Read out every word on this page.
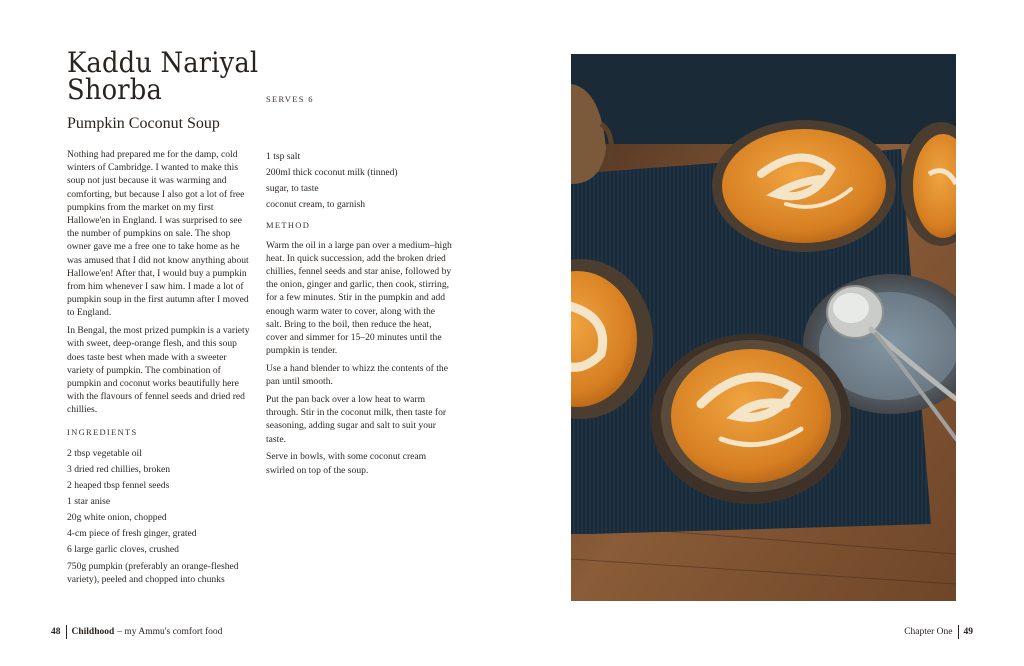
Kaddu Nariyal
Shorba
Pumpkin Coconut Soup
SERVES 6

Nothing had prepared me for the damp, cold winters of Cambridge. I wanted to make this soup not just because it was warming and comforting, but because I also got a lot of free pumpkins from the market on my first Hallowe'en in England. I was surprised to see the number of pumpkins on sale. The shop owner gave me a free one to take home as he was amused that I did not know anything about Hallowe'en! After that, I would buy a pumpkin from him whenever I saw him. I made a lot of pumpkin soup in the first autumn after I moved to England.

In Bengal, the most prized pumpkin is a variety with sweet, deep-orange flesh, and this soup does taste best when made with a sweeter variety of pumpkin. The combination of pumpkin and coconut works beautifully here with the flavours of fennel seeds and dried red chillies.

INGREDIENTS
2 tbsp vegetable oil
3 dried red chillies, broken
2 heaped tbsp fennel seeds
1 star anise
20g white onion, chopped
4-cm piece of fresh ginger, grated
6 large garlic cloves, crushed
750g pumpkin (preferably an orange-fleshed variety), peeled and chopped into chunks
1 tsp salt
200ml thick coconut milk (tinned)
sugar, to taste
coconut cream, to garnish
METHOD

Warm the oil in a large pan over a medium–high heat. In quick succession, add the broken dried chillies, fennel seeds and star anise, followed by the onion, ginger and garlic, then cook, stirring, for a few minutes. Stir in the pumpkin and add enough warm water to cover, along with the salt. Bring to the boil, then reduce the heat, cover and simmer for 15–20 minutes until the pumpkin is tender.

Use a hand blender to whizz the contents of the pan until smooth.

Put the pan back over a low heat to warm through. Stir in the coconut milk, then taste for seasoning, adding sugar and salt to suit your taste.

Serve in bowls, with some coconut cream swirled on top of the soup.

48 Childhood – my Ammu's comfort food	Chapter One 49
